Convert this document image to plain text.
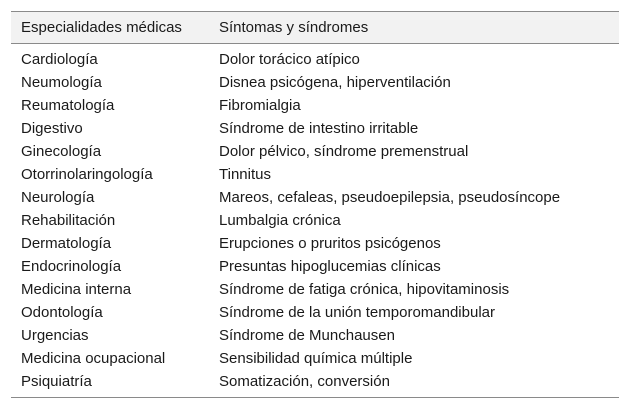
Especialidades médicas	Síntomas y síndromes
Cardiología	Dolor torácico atípico
Neumología	Disnea psicógena, hiperventilación
Reumatología	Fibromialgia
Digestivo	Síndrome de intestino irritable
Ginecología	Dolor pélvico, síndrome premenstrual
Otorrinolaringología	Tinnitus
Neurología	Mareos, cefaleas, pseudoepilepsia, pseudosíncope
Rehabilitación	Lumbalgia crónica
Dermatología	Erupciones o pruritos psicógenos
Endocrinología	Presuntas hipoglucemias clínicas
Medicina interna	Síndrome de fatiga crónica, hipovitaminosis
Odontología	Síndrome de la unión temporomandibular
Urgencias	Síndrome de Munchausen
Medicina ocupacional	Sensibilidad química múltiple
Psiquiatría	Somatización, conversión
